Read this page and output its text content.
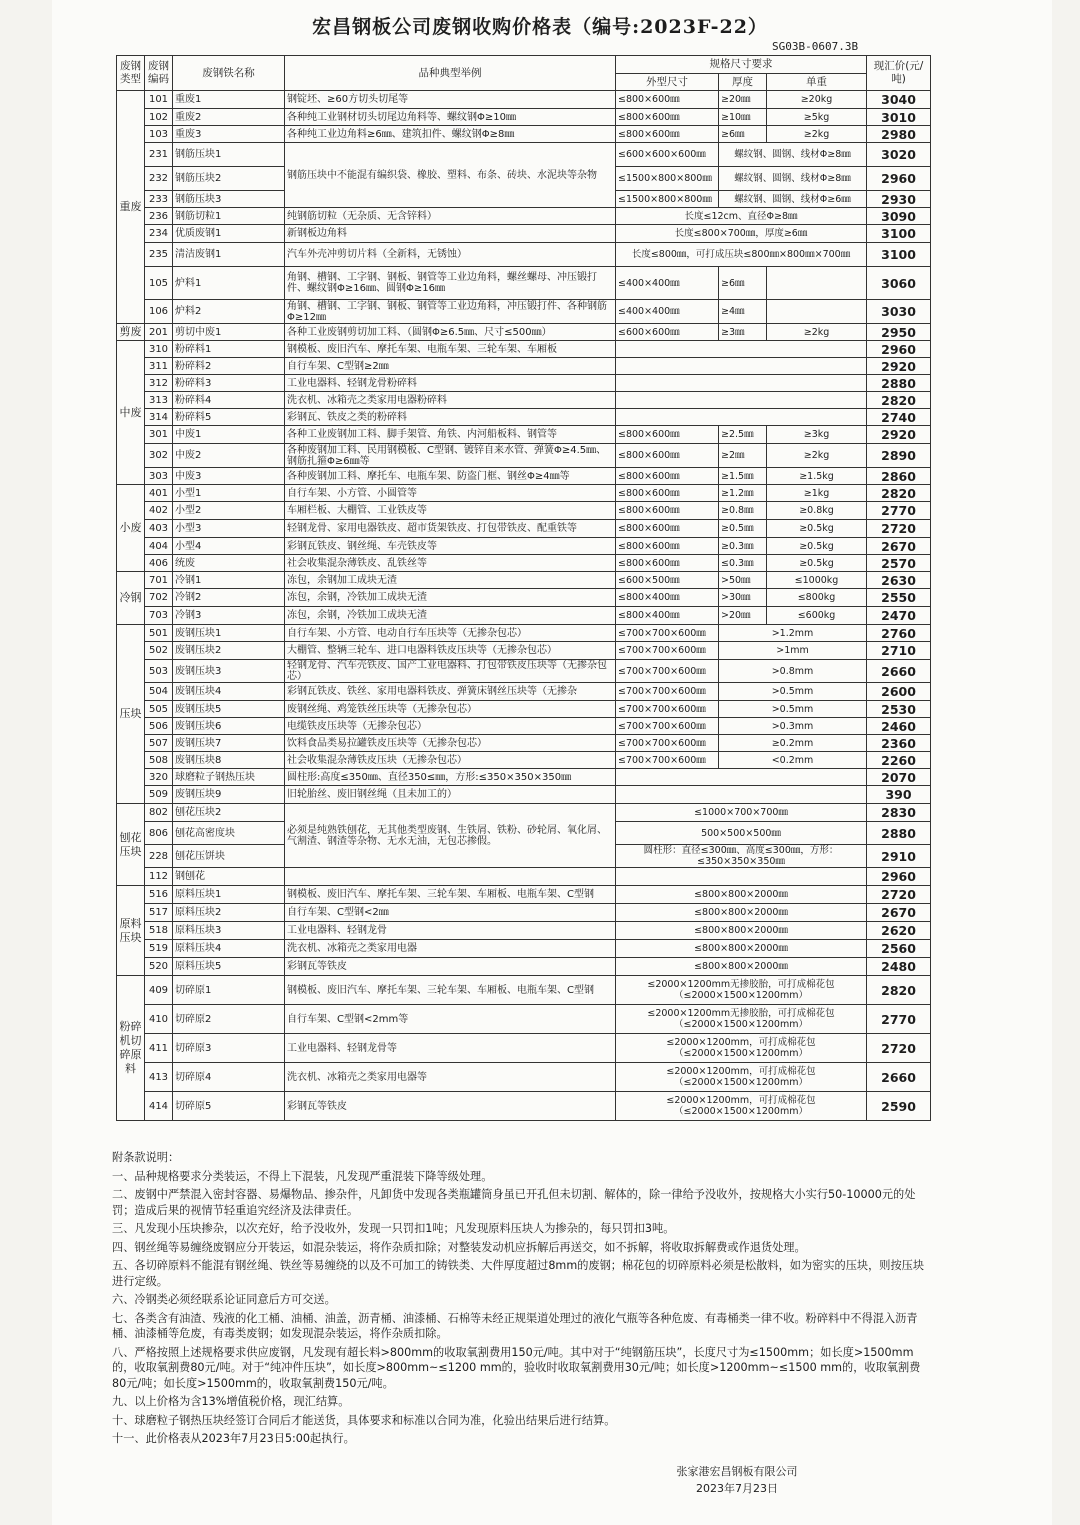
宏昌钢板公司废钢收购价格表（编号:2023F-22）
SG03B-0607.3B
废钢类型	废钢编码	废钢铁名称	品种典型举例	规格尺寸要求			现汇价(元/吨)
				外型尺寸	厚度	单重	
重废	101	重废1	钢锭坯、≥60方切头切尾等	≤800×600㎜	≥20㎜	≥20kg	3040
	102	重废2	各种纯工业钢材切头切尾边角料等、螺纹钢Φ≥10㎜	≤800×600㎜	≥10㎜	≥5kg	3010
	103	重废3	各种纯工业边角料≥6㎜、建筑扣件、螺纹钢Φ≥8㎜	≤800×600㎜	≥6㎜	≥2kg	2980
	231	钢筋压块1	钢筋压块中不能混有编织袋、橡胶、塑料、布条、砖块、水泥块等杂物	≤600×600×600㎜	螺纹钢、圆钢、线材Φ≥8㎜		3020
	232	钢筋压块2		≤1500×800×800㎜	螺纹钢、圆钢、线材Φ≥8㎜		2960
	233	钢筋压块3		≤1500×800×800㎜	螺纹钢、圆钢、线材Φ≥6㎜		2930
	236	钢筋切粒1	纯钢筋切粒（无杂质、无含锌料）	长度≤12cm、直径Φ≥8㎜			3090
	234	优质废钢1	新钢板边角料	长度≤800×700㎜，厚度≥6㎜			3100
	235	清洁废钢1	汽车外壳冲剪切片料（全新料，无锈蚀）	长度≤800㎜，可打成压块≤800㎜×800㎜×700㎜			3100
	105	炉料1	角钢、槽钢、工字钢、钢板、钢管等工业边角料，螺丝螺母、冲压锻打件、螺纹钢Φ≥16㎜、圆钢Φ≥16㎜	≤400×400㎜	≥6㎜		3060
	106	炉料2	角钢、槽钢、工字钢、钢板、钢管等工业边角料，冲压锻打件、各种钢筋Φ≥12㎜	≤400×400㎜	≥4㎜		3030
剪废	201	剪切中废1	各种工业废钢剪切加工料、（圆钢Φ≥6.5㎜、尺寸≤500㎜）	≤600×600㎜	≥3㎜	≥2kg	2950
中废	310	粉碎料1	钢模板、废旧汽车、摩托车架、电瓶车架、三轮车架、车厢板				2960
	311	粉碎料2	自行车架、C型钢≥2㎜				2920
	312	粉碎料3	工业电器料、轻钢龙骨粉碎料				2880
	313	粉碎料4	洗衣机、冰箱壳之类家用电器粉碎料				2820
	314	粉碎料5	彩钢瓦、铁皮之类的粉碎料				2740
	301	中废1	各种工业废钢加工料、脚手架管、角铁、内河船板料、钢管等	≤800×600㎜	≥2.5㎜	≥3kg	2920
	302	中废2	各种废钢加工料、民用钢模板、C型钢、镀锌自来水管、弹簧Φ≥4.5㎜、钢筋扎箍Φ≥6㎜等	≤800×600㎜	≥2㎜	≥2kg	2890
	303	中废3	各种废钢加工料、摩托车、电瓶车架、防盗门框、钢丝Φ≥4㎜等	≤800×600㎜	≥1.5㎜	≥1.5kg	2860
小废	401	小型1	自行车架、小方管、小圆管等	≤800×600㎜	≥1.2㎜	≥1kg	2820
	402	小型2	车厢栏板、大棚管、工业铁皮等	≤800×600㎜	≥0.8㎜	≥0.8kg	2770
	403	小型3	轻钢龙骨、家用电器铁皮、超市货架铁皮、打包带铁皮、配重铁等	≤800×600㎜	≥0.5㎜	≥0.5kg	2720
	404	小型4	彩钢瓦铁皮、钢丝绳、车壳铁皮等	≤800×600㎜	≥0.3㎜	≥0.5kg	2670
	406	统废	社会收集混杂薄铁皮、乱铁丝等	≤800×600㎜	≤0.3㎜	≥0.5kg	2570
冷钢	701	冷钢1	冻包，余钢加工成块无渣	≤600×500㎜	>50㎜	≤1000kg	2630
	702	冷钢2	冻包，余钢，冷铁加工成块无渣	≤800×400㎜	>30㎜	≤800kg	2550
	703	冷钢3	冻包，余钢，冷铁加工成块无渣	≤800×400㎜	>20㎜	≤600kg	2470
压块	501	废钢压块1	自行车架、小方管、电动自行车压块等（无掺杂包芯）	≤700×700×600㎜	>1.2mm		2760
	502	废钢压块2	大棚管、整辆三轮车、进口电器料铁皮压块等（无掺杂包芯）	≤700×700×600㎜	>1mm		2710
	503	废钢压块3	轻钢龙骨、汽车壳铁皮、国产工业电器料、打包带铁皮压块等（无掺杂包芯）	≤700×700×600㎜	>0.8mm		2660
	504	废钢压块4	彩钢瓦铁皮、铁丝、家用电器料铁皮、弹簧床钢丝压块等（无掺杂	≤700×700×600㎜	>0.5mm		2600
	505	废钢压块5	废钢丝绳、鸡笼铁丝压块等（无掺杂包芯）	≤700×700×600㎜	>0.5mm		2530
	506	废钢压块6	电缆铁皮压块等（无掺杂包芯）	≤700×700×600㎜	>0.3mm		2460
	507	废钢压块7	饮料食品类易拉罐铁皮压块等（无掺杂包芯）	≤700×700×600㎜	≥0.2mm		2360
	508	废钢压块8	社会收集混杂薄铁皮压块（无掺杂包芯）	≤700×700×600㎜	<0.2mm		2260
	320	球磨粒子钢热压块	圆柱形:高度≤350㎜、直径350≤㎜，方形:≤350×350×350㎜				2070
	509	废钢压块9	旧轮胎丝、废旧钢丝绳（且未加工的）				390
刨花压块	802	刨花压块2	必须是纯熟铁刨花，无其他类型废钢、生铁屑、铁粉、砂轮屑、氧化屑、气割渣、钢渣等杂物、无水无油，无包芯掺假。	≤1000×700×700㎜			2830
	806	刨花高密度块		500×500×500㎜			2880
	228	刨花压饼块		圆柱形：直径≤300㎜、高度≤300㎜，方形：≤350×350×350㎜			2910
	112	钢刨花					2960
原料压块	516	原料压块1	钢模板、废旧汽车、摩托车架、三轮车架、车厢板、电瓶车架、C型钢	≤800×800×2000㎜			2720
	517	原料压块2	自行车架、C型钢<2㎜	≤800×800×2000㎜			2670
	518	原料压块3	工业电器料、轻钢龙骨	≤800×800×2000㎜			2620
	519	原料压块4	洗衣机、冰箱壳之类家用电器	≤800×800×2000㎜			2560
	520	原料压块5	彩钢瓦等铁皮	≤800×800×2000㎜			2480
粉碎机切碎原料	409	切碎原1	钢模板、废旧汽车、摩托车架、三轮车架、车厢板、电瓶车架、C型钢	≤2000×1200mm无掺胶胎，可打成棉花包（≤2000×1500×1200mm）			2820
	410	切碎原2	自行车架、C型钢<2mm等	≤2000×1200mm无掺胶胎，可打成棉花包（≤2000×1500×1200mm）			2770
	411	切碎原3	工业电器料、轻钢龙骨等	≤2000×1200mm，可打成棉花包（≤2000×1500×1200mm）			2720
	413	切碎原4	洗衣机、冰箱壳之类家用电器等	≤2000×1200mm，可打成棉花包（≤2000×1500×1200mm）			2660
	414	切碎原5	彩钢瓦等铁皮	≤2000×1200mm，可打成棉花包（≤2000×1500×1200mm）			2590

附条款说明：

一、品种规格要求分类装运，不得上下混装，凡发现严重混装下降等级处理。

二、废钢中严禁混入密封容器、易爆物品、掺杂件，凡卸货中发现各类瓶罐筒身虽已开孔但未切割、解体的，除一律给予没收外，按规格大小实行50-10000元的处罚；造成后果的视情节轻重追究经济及法律责任。

三、凡发现小压块掺杂，以次充好，给予没收外，发现一只罚扣1吨；凡发现原料压块人为掺杂的，每只罚扣3吨。

四、钢丝绳等易缠绕废钢应分开装运，如混杂装运，将作杂质扣除；对整装发动机应拆解后再送交，如不拆解，将收取拆解费或作退货处理。

五、各切碎原料不能混有钢丝绳、铁丝等易缠绕的以及不可加工的铸铁类、大件厚度超过8mm的废钢；棉花包的切碎原料必须是松散料，如为密实的压块，则按压块进行定级。

六、冷钢类必须经联系论证同意后方可交送。

七、各类含有油渣、残液的化工桶、油桶、油盖，沥青桶、油漆桶、石棉等未经正规渠道处理过的液化气瓶等各种危废、有毒桶类一律不收。粉碎料中不得混入沥青桶、油漆桶等危废，有毒类废钢；如发现混杂装运，将作杂质扣除。

八、严格按照上述规格要求供应废钢，凡发现有超长料>800mm的收取氧割费用150元/吨。其中对于“纯钢筋压块”，长度尺寸为≤1500mm；如长度>1500mm的，收取氧割费80元/吨。对于“纯冲件压块”，如长度>800mm~≤1200 mm的，验收时收取氧割费用30元/吨；如长度>1200mm~≤1500 mm的，收取氧割费80元/吨；如长度>1500mm的，收取氧割费150元/吨。

九、以上价格为含13%增值税价格，现汇结算。

十、球磨粒子钢热压块经签订合同后才能送货，具体要求和标准以合同为准，化验出结果后进行结算。

十一、此价格表从2023年7月23日5:00起执行。

张家港宏昌钢板有限公司
2023年7月23日
